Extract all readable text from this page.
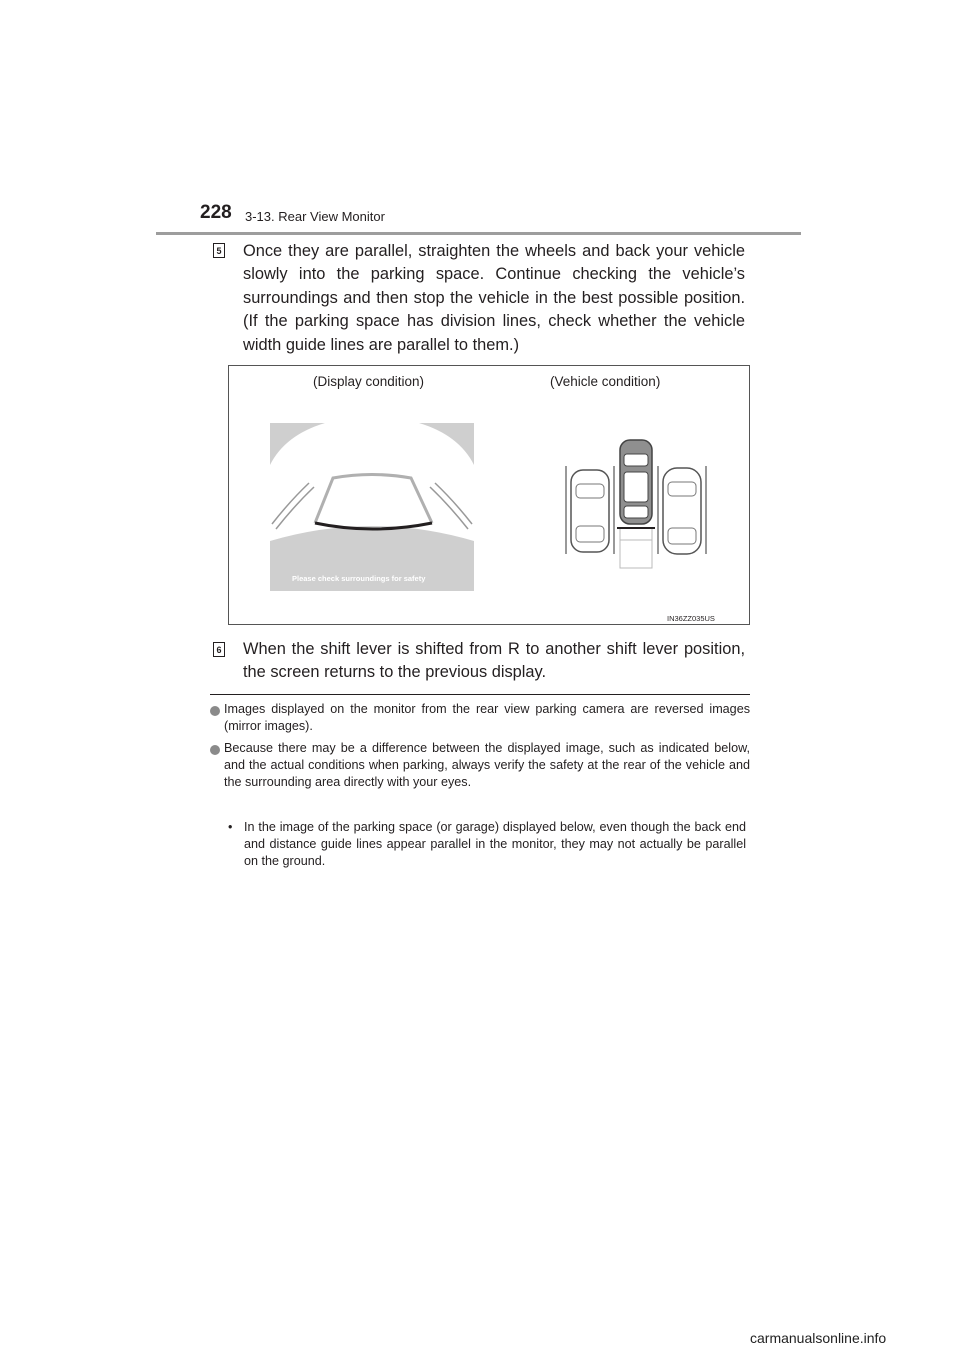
228 3-13. Rear View Monitor
5 Once they are parallel, straighten the wheels and back your vehicle slowly into the parking space. Continue checking the vehicle’s surroundings and then stop the vehicle in the best possible position. (If the parking space has division lines, check whether the vehicle width guide lines are parallel to them.)
(Display condition)	(Vehicle condition)
Please check surroundings for safety
IN36ZZ035US
6 When the shift lever is shifted from R to another shift lever position, the screen returns to the previous display.
Images displayed on the monitor from the rear view parking camera are reversed images (mirror images).
Because there may be a difference between the displayed image, such as indicated below, and the actual conditions when parking, always verify the safety at the rear of the vehicle and the surrounding area directly with your eyes.
• In the image of the parking space (or garage) displayed below, even though the back end and distance guide lines appear parallel in the monitor, they may not actually be parallel on the ground.
carmanualsonline.info
